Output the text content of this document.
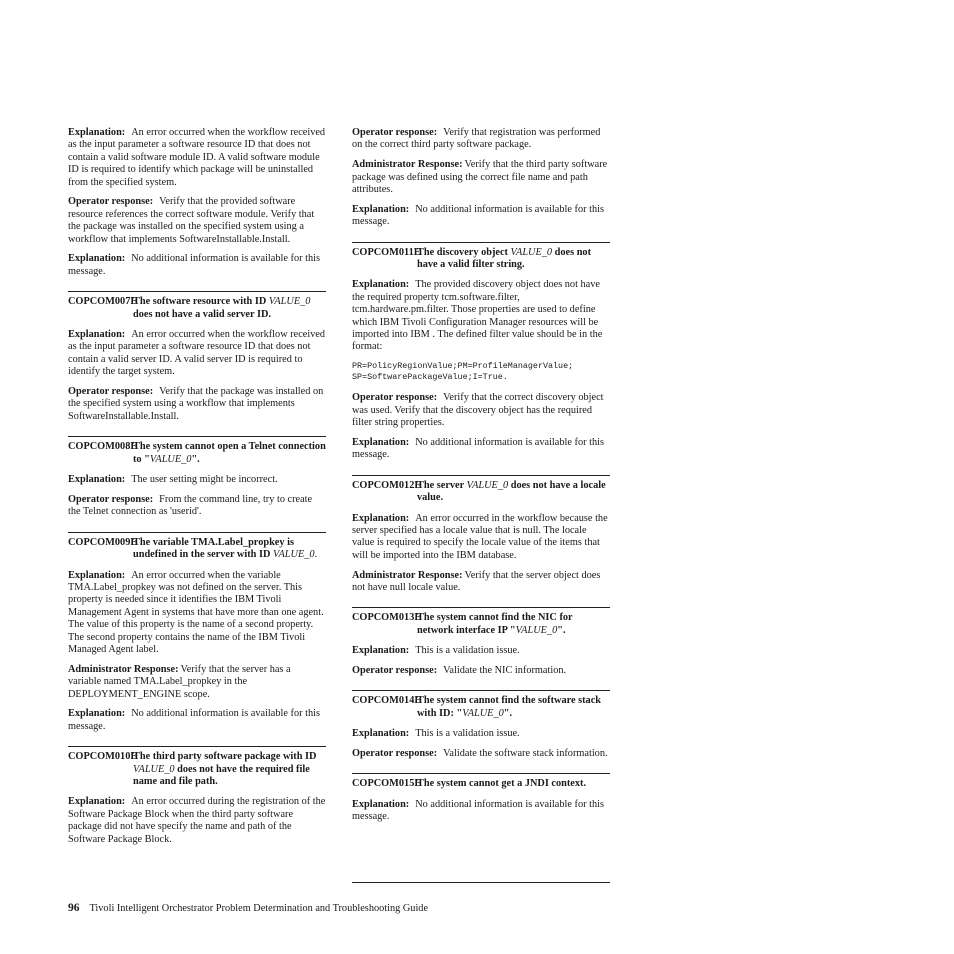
Explanation: An error occurred when the workflow received as the input parameter a software resource ID that does not contain a valid software module ID. A valid software module ID is required to identify which package will be uninstalled from the specified system.

Operator response: Verify that the provided software resource references the correct software module. Verify that the package was installed on the specified system using a workflow that implements SoftwareInstallable.Install.

Explanation: No additional information is available for this message.

COPCOM007EThe software resource with ID VALUE_0 does not have a valid server ID.

Explanation: An error occurred when the workflow received as the input parameter a software resource ID that does not contain a valid server ID. A valid server ID is required to identify the target system.

Operator response: Verify that the package was installed on the specified system using a workflow that implements SoftwareInstallable.Install.

COPCOM008EThe system cannot open a Telnet connection to "VALUE_0".

Explanation: The user setting might be incorrect.

Operator response: From the command line, try to create the Telnet connection as 'userid'.

COPCOM009EThe variable TMA.Label_propkey is undefined in the server with ID VALUE_0.

Explanation: An error occurred when the variable TMA.Label_propkey was not defined on the server. This property is needed since it identifies the IBM Tivoli Management Agent in systems that have more than one agent. The value of this property is the name of a second property. The second property contains the name of the IBM Tivoli Managed Agent label.

Administrator Response: Verify that the server has a variable named TMA.Label_propkey in the DEPLOYMENT_ENGINE scope.

Explanation: No additional information is available for this message.

COPCOM010EThe third party software package with ID VALUE_0 does not have the required file name and file path.

Explanation: An error occurred during the registration of the Software Package Block when the third party software package did not have specify the name and path of the Software Package Block.

Operator response: Verify that registration was performed on the correct third party software package.

Administrator Response: Verify that the third party software package was defined using the correct file name and path attributes.

Explanation: No additional information is available for this message.

COPCOM011EThe discovery object VALUE_0 does not have a valid filter string.

Explanation: The provided discovery object does not have the required property tcm.software.filter, tcm.hardware.pm.filter. Those properties are used to define which IBM Tivoli Configuration Manager resources will be imported into IBM . The defined filter value should be in the format:

PR=PolicyRegionValue;PM=ProfileManagerValue;
SP=SoftwarePackageValue;I=True.

Operator response: Verify that the correct discovery object was used. Verify that the discovery object has the required filter string properties.

Explanation: No additional information is available for this message.

COPCOM012EThe server VALUE_0 does not have a locale value.

Explanation: An error occurred in the workflow because the server specified has a locale value that is null. The locale value is required to specify the locale value of the items that will be imported into the IBM database.

Administrator Response: Verify that the server object does not have null locale value.

COPCOM013EThe system cannot find the NIC for network interface IP "VALUE_0".

Explanation: This is a validation issue.

Operator response: Validate the NIC information.

COPCOM014EThe system cannot find the software stack with ID: "VALUE_0".

Explanation: This is a validation issue.

Operator response: Validate the software stack information.

COPCOM015EThe system cannot get a JNDI context.

Explanation: No additional information is available for this message.

96 Tivoli Intelligent Orchestrator Problem Determination and Troubleshooting Guide
